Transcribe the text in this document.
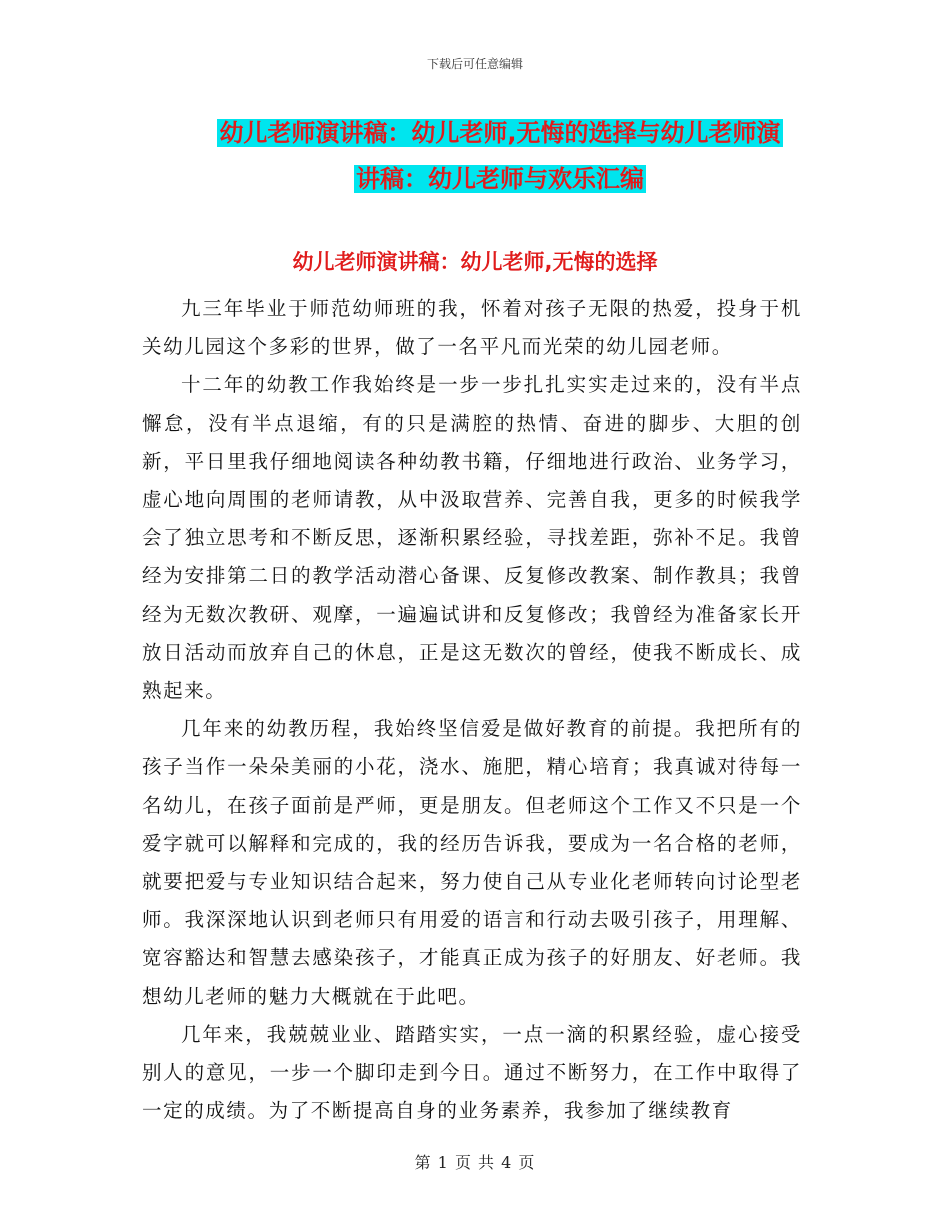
下载后可任意编辑
幼儿老师演讲稿：幼儿老师,无悔的选择与幼儿老师演
讲稿：幼儿老师与欢乐汇编
幼儿老师演讲稿：幼儿老师,无悔的选择

九三年毕业于师范幼师班的我，怀着对孩子无限的热爱，投身于机关幼儿园这个多彩的世界，做了一名平凡而光荣的幼儿园老师。

十二年的幼教工作我始终是一步一步扎扎实实走过来的，没有半点懈怠，没有半点退缩，有的只是满腔的热情、奋进的脚步、大胆的创新，平日里我仔细地阅读各种幼教书籍，仔细地进行政治、业务学习，虚心地向周围的老师请教，从中汲取营养、完善自我，更多的时候我学会了独立思考和不断反思，逐渐积累经验，寻找差距，弥补不足。我曾经为安排第二日的教学活动潜心备课、反复修改教案、制作教具；我曾经为无数次教研、观摩，一遍遍试讲和反复修改；我曾经为准备家长开放日活动而放弃自己的休息，正是这无数次的曾经，使我不断成长、成熟起来。

几年来的幼教历程，我始终坚信爱是做好教育的前提。我把所有的孩子当作一朵朵美丽的小花，浇水、施肥，精心培育；我真诚对待每一名幼儿，在孩子面前是严师，更是朋友。但老师这个工作又不只是一个爱字就可以解释和完成的，我的经历告诉我，要成为一名合格的老师，就要把爱与专业知识结合起来，努力使自己从专业化老师转向讨论型老师。我深深地认识到老师只有用爱的语言和行动去吸引孩子，用理解、宽容豁达和智慧去感染孩子，才能真正成为孩子的好朋友、好老师。我想幼儿老师的魅力大概就在于此吧。

几年来，我兢兢业业、踏踏实实，一点一滴的积累经验，虚心接受别人的意见，一步一个脚印走到今日。通过不断努力，在工作中取得了一定的成绩。为了不断提高自身的业务素养，我参加了继续教育

第 1 页 共 4 页
